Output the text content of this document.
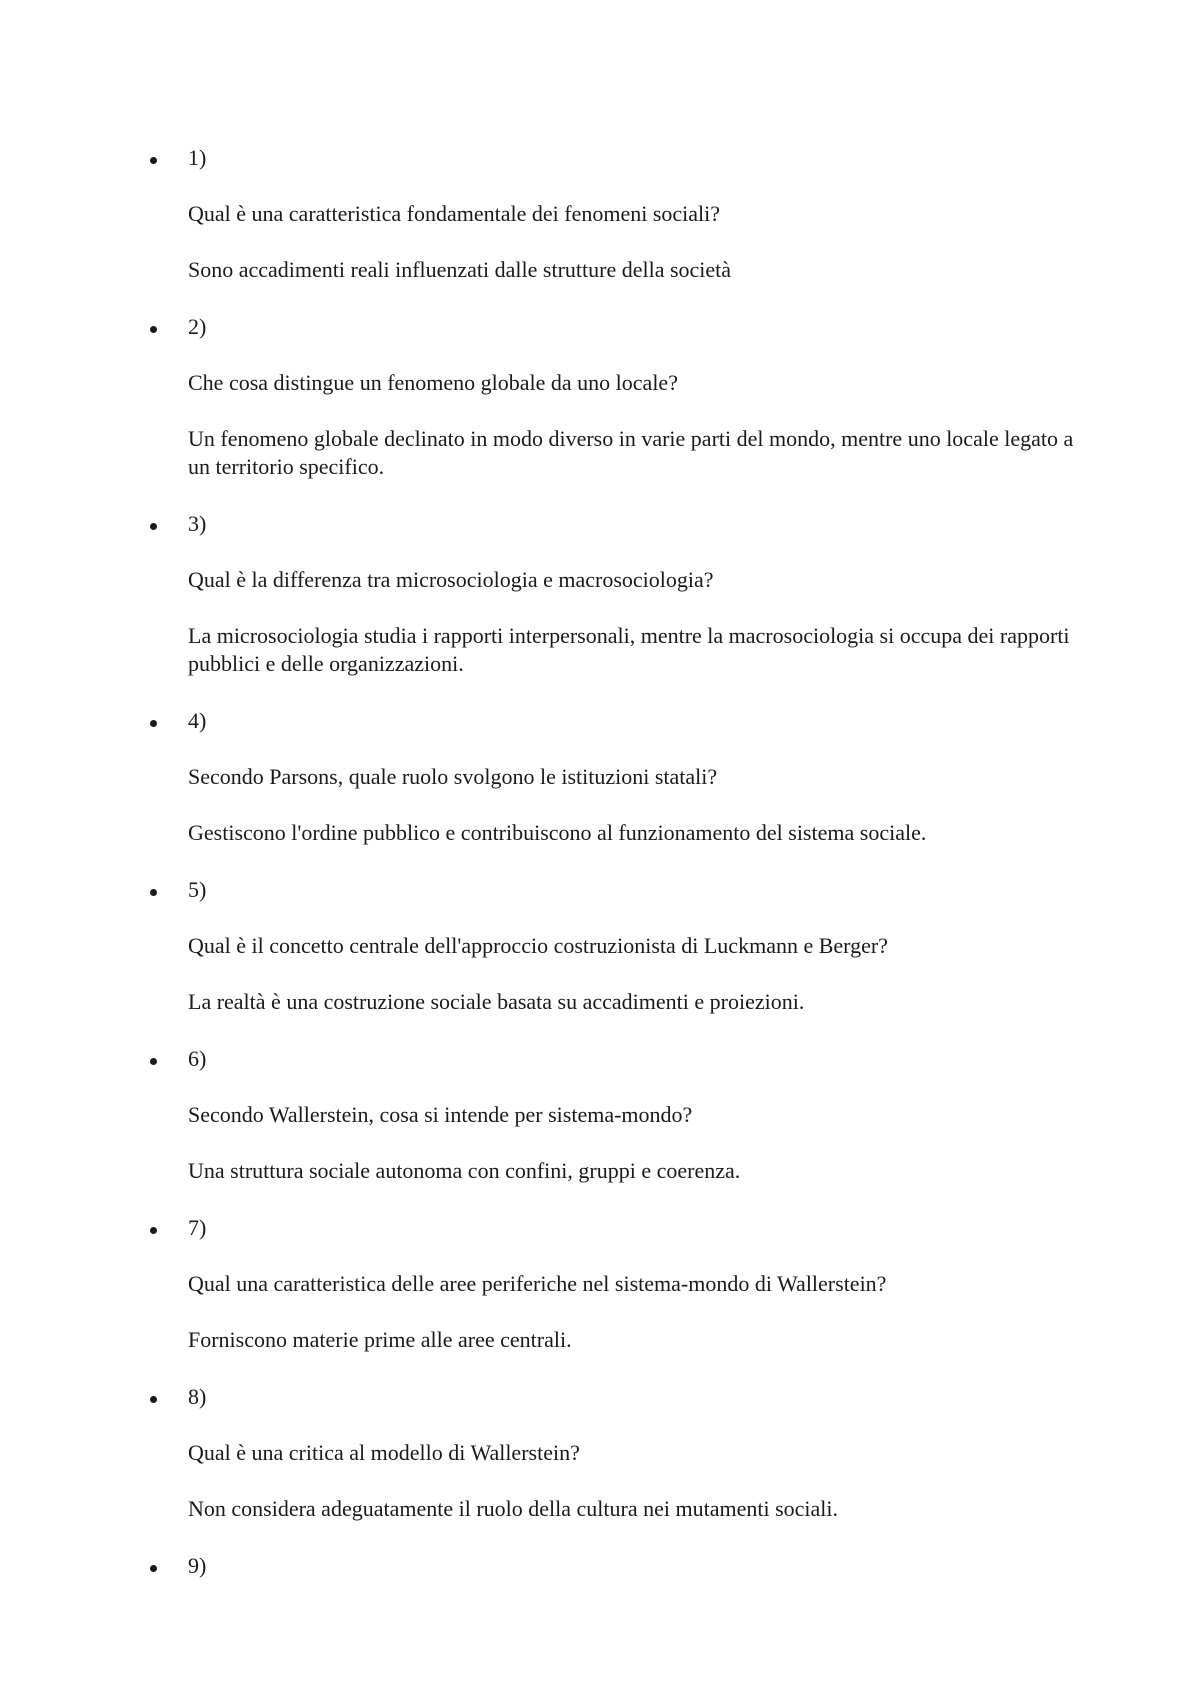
1)
Qual è una caratteristica fondamentale dei fenomeni sociali?
Sono accadimenti reali influenzati dalle strutture della società
2)
Che cosa distingue un fenomeno globale da uno locale?
Un fenomeno globale declinato in modo diverso in varie parti del mondo, mentre uno locale legato a un territorio specifico.
3)
Qual è la differenza tra microsociologia e macrosociologia?
La microsociologia studia i rapporti interpersonali, mentre la macrosociologia si occupa dei rapporti pubblici e delle organizzazioni.
4)
Secondo Parsons, quale ruolo svolgono le istituzioni statali?
Gestiscono l'ordine pubblico e contribuiscono al funzionamento del sistema sociale.
5)
Qual è il concetto centrale dell'approccio costruzionista di Luckmann e Berger?
La realtà è una costruzione sociale basata su accadimenti e proiezioni.
6)
Secondo Wallerstein, cosa si intende per sistema-mondo?
Una struttura sociale autonoma con confini, gruppi e coerenza.
7)
Qual una caratteristica delle aree periferiche nel sistema-mondo di Wallerstein?
Forniscono materie prime alle aree centrali.
8)
Qual è una critica al modello di Wallerstein?
Non considera adeguatamente il ruolo della cultura nei mutamenti sociali.
9)
